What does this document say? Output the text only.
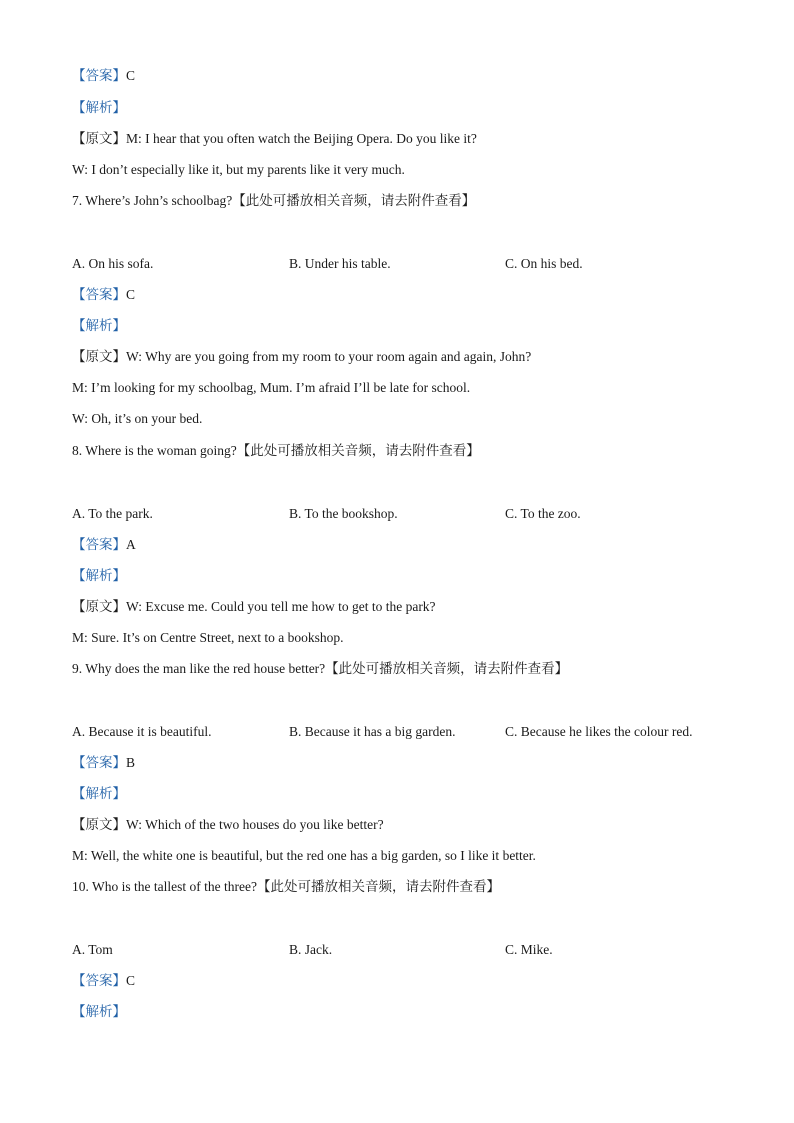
【答案】C
【解析】
【原文】M: I hear that you often watch the Beijing Opera. Do you like it?
W: I don’t especially like it, but my parents like it very much.
7. Where’s John’s schoolbag?【此处可播放相关音频，请去附件查看】
A. On his sofa.	B. Under his table.	C. On his bed.
【答案】C
【解析】
【原文】W: Why are you going from my room to your room again and again, John?
M: I’m looking for my schoolbag, Mum. I’m afraid I’ll be late for school.
W: Oh, it’s on your bed.
8. Where is the woman going?【此处可播放相关音频，请去附件查看】
A. To the park.	B. To the bookshop.	C. To the zoo.
【答案】A
【解析】
【原文】W: Excuse me. Could you tell me how to get to the park?
M: Sure. It’s on Centre Street, next to a bookshop.
9. Why does the man like the red house better?【此处可播放相关音频，请去附件查看】
A. Because it is beautiful.	B. Because it has a big garden.	C. Because he likes the colour red.
【答案】B
【解析】
【原文】W: Which of the two houses do you like better?
M: Well, the white one is beautiful, but the red one has a big garden, so I like it better.
10. Who is the tallest of the three?【此处可播放相关音频，请去附件查看】
A. Tom	B. Jack.	C. Mike.
【答案】C
【解析】
